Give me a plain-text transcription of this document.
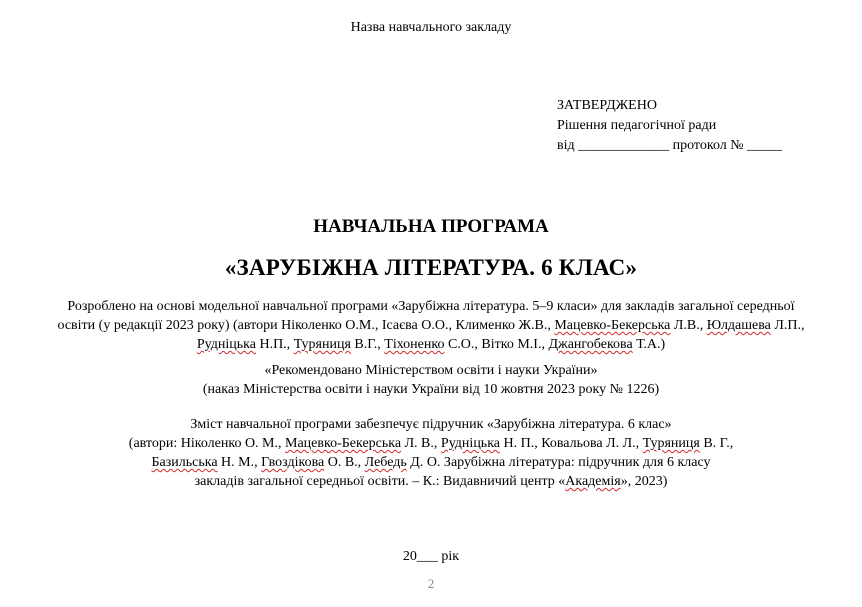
Назва навчального закладу
ЗАТВЕРДЖЕНО
Рішення педагогічної ради
від _____________ протокол № _____
НАВЧАЛЬНА ПРОГРАМА
«ЗАРУБІЖНА ЛІТЕРАТУРА. 6 КЛАС»
Розроблено на основі модельної навчальної програми «Зарубіжна література. 5–9 класи» для закладів загальної середньої
освіти (у редакції 2023 року) (автори Ніколенко О.М., Ісаєва О.О., Клименко Ж.В., Мацевко-Бекерська Л.В., Юлдашева Л.П.,
Рудніцька Н.П., Туряниця В.Г., Тіхоненко С.О., Вітко М.І., Джангобекова Т.А.)
«Рекомендовано Міністерством освіти і науки України»
(наказ Міністерства освіти і науки України від 10 жовтня 2023 року № 1226)
Зміст навчальної програми забезпечує підручник «Зарубіжна література. 6 клас»
(автори: Ніколенко О. М., Мацевко-Бекерська Л. В., Рудніцька Н. П., Ковальова Л. Л., Туряниця В. Г.,
Базильська Н. М., Гвоздікова О. В., Лебедь Д. О. Зарубіжна література: підручник для 6 класу
закладів загальної середньої освіти. – К.: Видавничий центр «Академія», 2023)
20___ рік
2
